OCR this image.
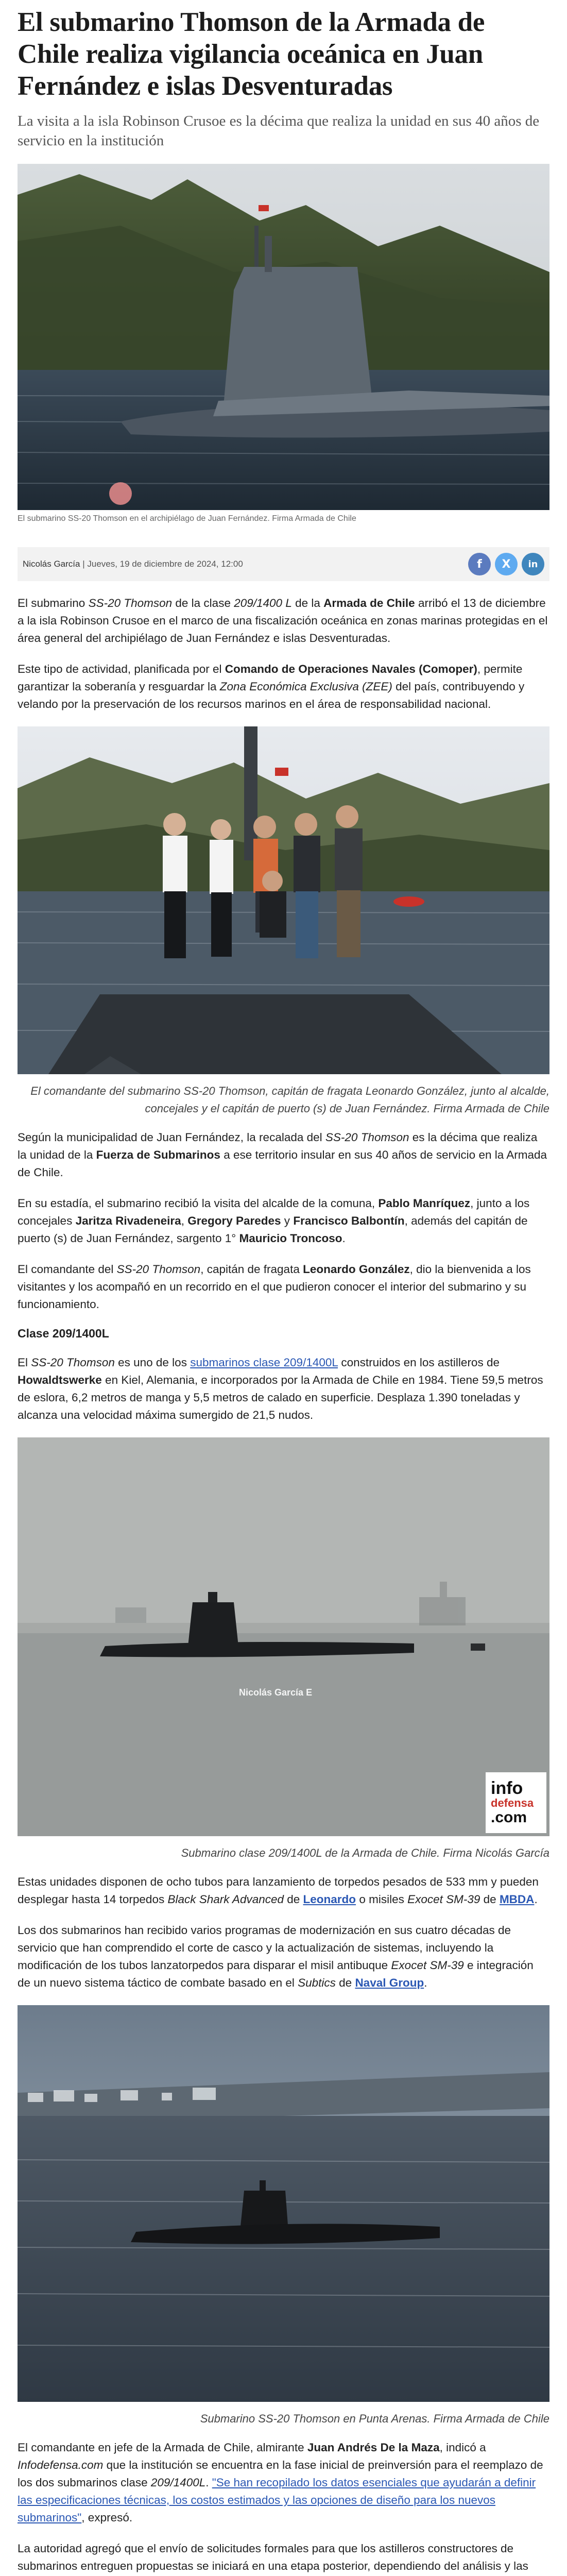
El submarino Thomson de la Armada de Chile realiza vigilancia oceánica en Juan Fernández e islas Desventuradas
La visita a la isla Robinson Crusoe es la décima que realiza la unidad en sus 40 años de servicio en la institución
El submarino SS-20 Thomson en el archipiélago de Juan Fernández. Firma Armada de Chile
Nicolás García | Jueves, 19 de diciembre de 2024, 12:00	f X in

El submarino SS-20 Thomson de la clase 209/1400 L de la Armada de Chile arribó el 13 de diciembre a la isla Robinson Crusoe en el marco de una fiscalización oceánica en zonas marinas protegidas en el área general del archipiélago de Juan Fernández e islas Desventuradas.

Este tipo de actividad, planificada por el Comando de Operaciones Navales (Comoper), permite garantizar la soberanía y resguardar la Zona Económica Exclusiva (ZEE) del país, contribuyendo y velando por la preservación de los recursos marinos en el área de responsabilidad nacional.

El comandante del submarino SS-20 Thomson, capitán de fragata Leonardo González, junto al alcalde, concejales y el capitán de puerto (s) de Juan Fernández. Firma Armada de Chile

Según la municipalidad de Juan Fernández, la recalada del SS-20 Thomson es la décima que realiza la unidad de la Fuerza de Submarinos a ese territorio insular en sus 40 años de servicio en la Armada de Chile.

En su estadía, el submarino recibió la visita del alcalde de la comuna, Pablo Manríquez, junto a los concejales Jaritza Rivadeneira, Gregory Paredes y Francisco Balbontín, además del capitán de puerto (s) de Juan Fernández, sargento 1° Mauricio Troncoso.

El comandante del SS-20 Thomson, capitán de fragata Leonardo González, dio la bienvenida a los visitantes y los acompañó en un recorrido en el que pudieron conocer el interior del submarino y su funcionamiento.

Clase 209/1400L

El SS-20 Thomson es uno de los submarinos clase 209/1400L construidos en los astilleros de Howaldtswerke en Kiel, Alemania, e incorporados por la Armada de Chile en 1984. Tiene 59,5 metros de eslora, 6,2 metros de manga y 5,5 metros de calado en superficie. Desplaza 1.390 toneladas y alcanza una velocidad máxima sumergido de 21,5 nudos.

Nicolás García E
info
defensa
.com
Submarino clase 209/1400L de la Armada de Chile. Firma Nicolás García

Estas unidades disponen de ocho tubos para lanzamiento de torpedos pesados de 533 mm y pueden desplegar hasta 14 torpedos Black Shark Advanced de Leonardo o misiles Exocet SM-39 de MBDA.

Los dos submarinos han recibido varios programas de modernización en sus cuatro décadas de servicio que han comprendido el corte de casco y la actualización de sistemas, incluyendo la modificación de los tubos lanzatorpedos para disparar el misil antibuque Exocet SM-39 e integración de un nuevo sistema táctico de combate basado en el Subtics de Naval Group.

Submarino SS-20 Thomson en Punta Arenas. Firma Armada de Chile

El comandante en jefe de la Armada de Chile, almirante Juan Andrés De la Maza, indicó a Infodefensa.com que la institución se encuentra en la fase inicial de preinversión para el reemplazo de los dos submarinos clase 209/1400L. "Se han recopilado los datos esenciales que ayudarán a definir las especificaciones técnicas, los costos estimados y las opciones de diseño para los nuevos submarinos", expresó.

La autoridad agregó que el envío de solicitudes formales para que los astilleros constructores de submarinos entreguen propuestas se iniciará en una etapa posterior, dependiendo del análisis y las
